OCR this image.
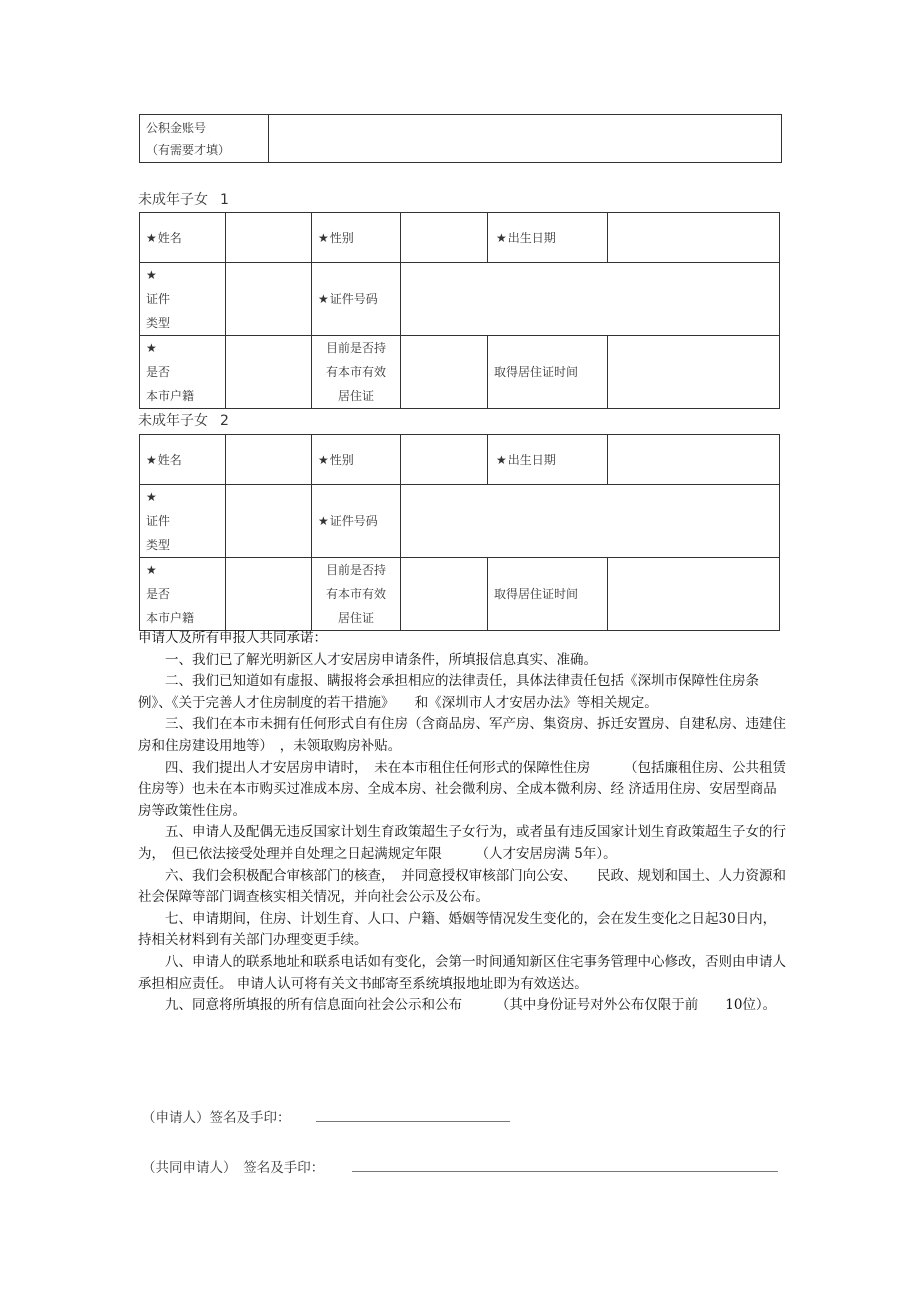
公积金账号
（有需要才填）

未成年子女 1
★姓名		★性别		★出生日期	

★
证件
类型		★证件号码			

★
是否
本市户籍		目前是否持
有本市有效
居住证		取得居住证时间	
未成年子女 2
★姓名		★性别		★出生日期	

★
证件
类型		★证件号码			

★
是否
本市户籍		目前是否持
有本市有效
居住证		取得居住证时间	

申请人及所有申报人共同承诺：

一、我们已了解光明新区人才安居房申请条件，所填报信息真实、准确。

二、我们已知道如有虚报、瞒报将会承担相应的法律责任，具体法律责任包括《深圳市保障性住房条例》、《关于完善人才住房制度的若干措施》　　和《深圳市人才安居办法》等相关规定。

三、我们在本市未拥有任何形式自有住房（含商品房、军产房、集资房、拆迁安置房、自建私房、违建住房和住房建设用地等）　，未领取购房补贴。

四、我们提出人才安居房申请时，　未在本市租住任何形式的保障性住房　　　（包括廉租住房、公共租赁住房等）也未在本市购买过准成本房、全成本房、社会微利房、全成本微利房、经 济适用住房、安居型商品房等政策性住房。

五、申请人及配偶无违反国家计划生育政策超生子女行为，或者虽有违反国家计划生育政策超生子女的行为，　但已依法接受处理并自处理之日起满规定年限　　　（人才安居房满 5年）。

六、我们会积极配合审核部门的核查，　并同意授权审核部门向公安、　　民政、规划和国土、人力资源和社会保障等部门调查核实相关情况，并向社会公示及公布。

七、申请期间，住房、计划生育、人口、户籍、婚姻等情况发生变化的，会在发生变化之日起30日内，持相关材料到有关部门办理变更手续。

八、申请人的联系地址和联系电话如有变化，会第一时间通知新区住宅事务管理中心修改，否则由申请人承担相应责任。 申请人认可将有关文书邮寄至系统填报地址即为有效送达。

九、同意将所填报的所有信息面向社会公示和公布　　　（其中身份证号对外公布仅限于前　　10位）。

（申请人）签名及手印：
（共同申请人）　签名及手印：
